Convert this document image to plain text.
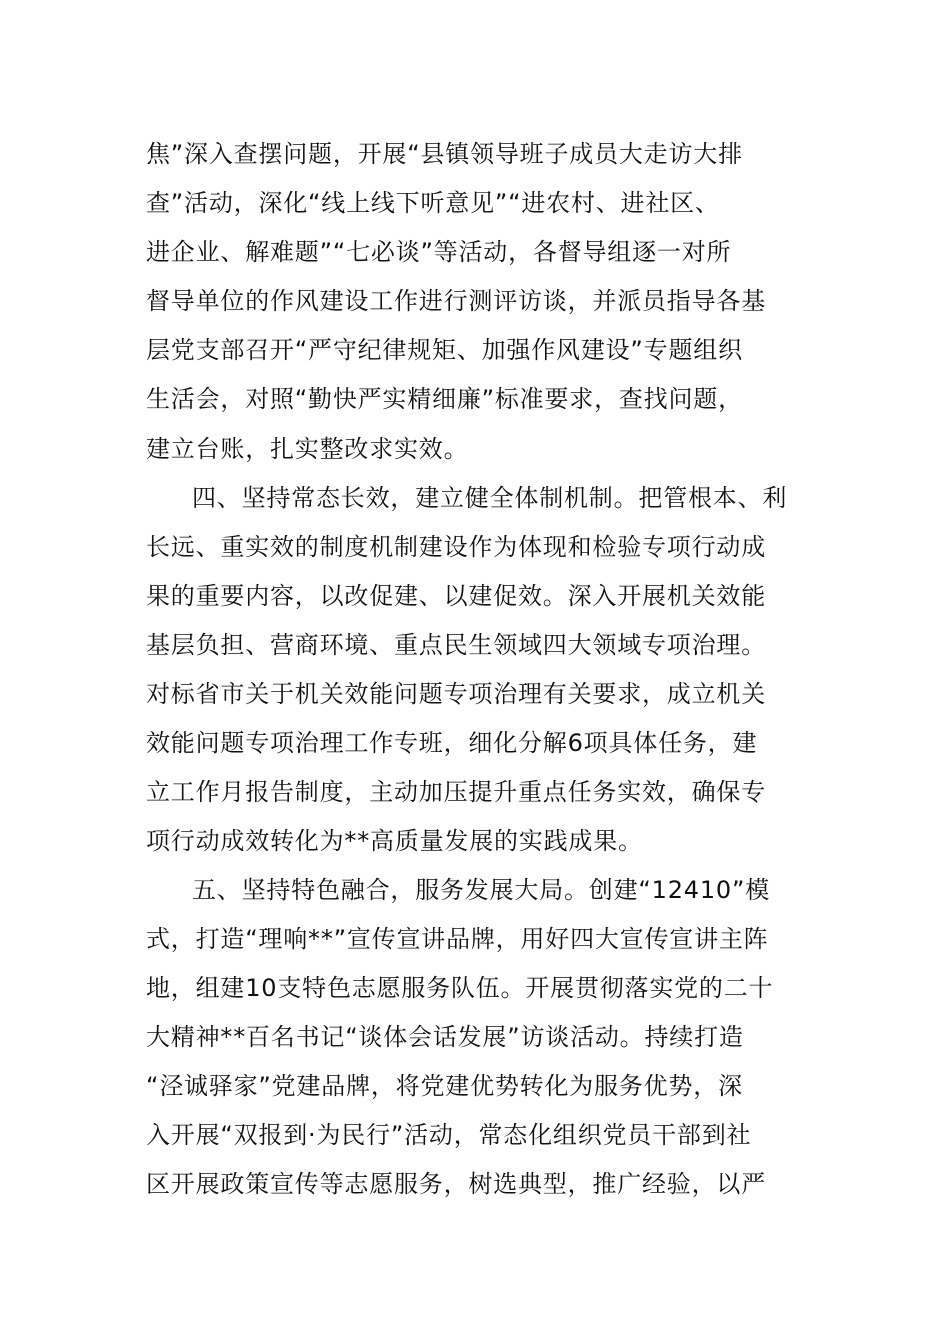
焦”深入查摆问题，开展“县镇领导班子成员大走访大排
查”活动，深化“线上线下听意见”“进农村、进社区、
进企业、解难题”“七必谈”等活动，各督导组逐一对所
督导单位的作风建设工作进行测评访谈，并派员指导各基
层党支部召开“严守纪律规矩、加强作风建设”专题组织
生活会，对照“勤快严实精细廉”标准要求，查找问题，
建立台账，扎实整改求实效。
四、坚持常态长效，建立健全体制机制。把管根本、利
长远、重实效的制度机制建设作为体现和检验专项行动成
果的重要内容，以改促建、以建促效。深入开展机关效能
基层负担、营商环境、重点民生领域四大领域专项治理。
对标省市关于机关效能问题专项治理有关要求，成立机关
效能问题专项治理工作专班，细化分解6项具体任务，建
立工作月报告制度，主动加压提升重点任务实效，确保专
项行动成效转化为**高质量发展的实践成果。
五、坚持特色融合，服务发展大局。创建“12410”模
式，打造“理响**”宣传宣讲品牌，用好四大宣传宣讲主阵
地，组建10支特色志愿服务队伍。开展贯彻落实党的二十
大精神**百名书记“谈体会话发展”访谈活动。持续打造
“泾诚驿家”党建品牌，将党建优势转化为服务优势，深
入开展“双报到·为民行”活动，常态化组织党员干部到社
区开展政策宣传等志愿服务，树选典型，推广经验，以严
